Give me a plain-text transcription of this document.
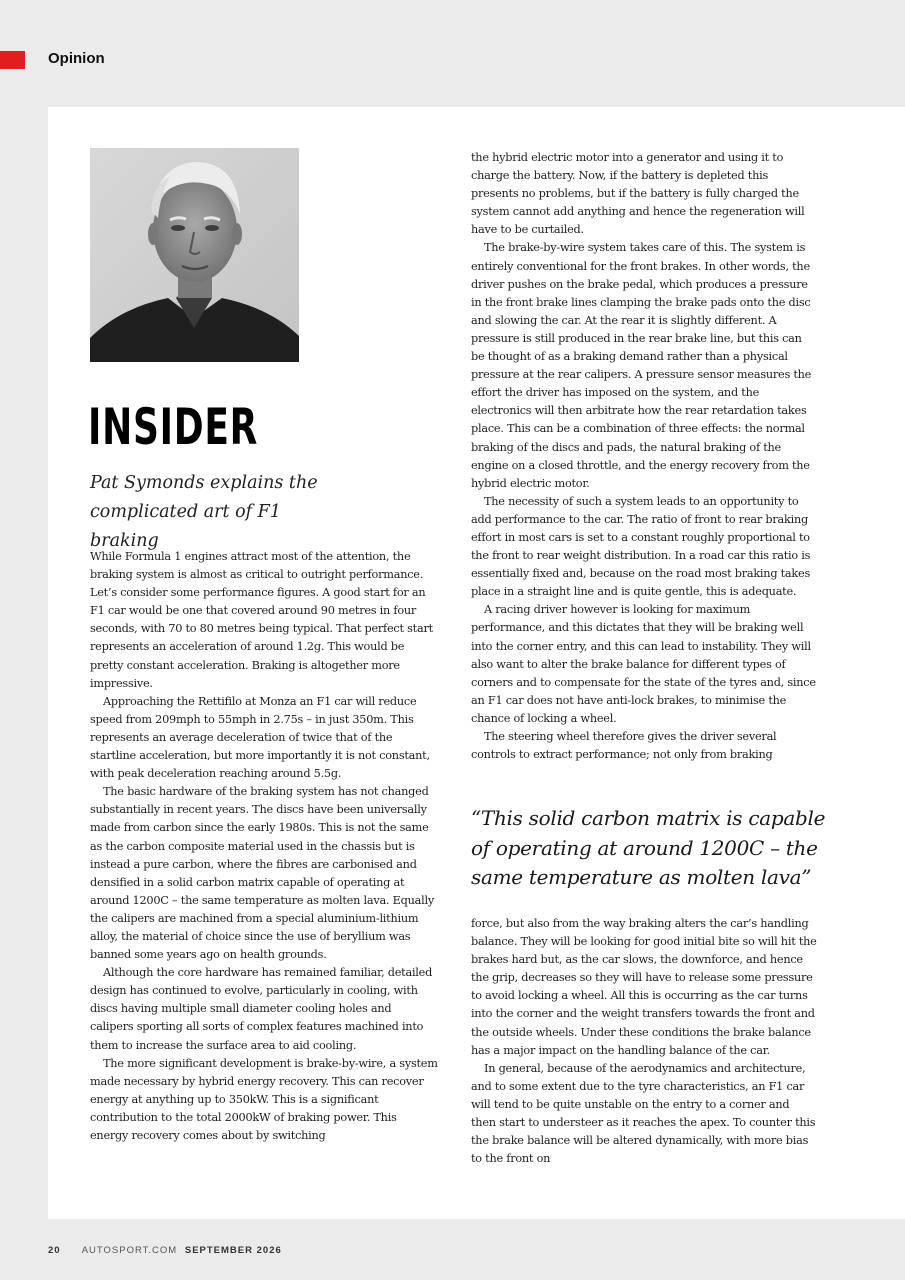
Opinion
INSIDER
Pat Symonds explains the complicated art of F1 braking

While Formula 1 engines attract most of the attention, the braking system is almost as critical to outright performance. Let’s consider some performance figures. A good start for an F1 car would be one that covered around 90 metres in four seconds, with 70 to 80 metres being typical. That perfect start represents an acceleration of around 1.2g. This would be pretty constant acceleration. Braking is altogether more impressive.

Approaching the Rettifilo at Monza an F1 car will reduce speed from 209mph to 55mph in 2.75s – in just 350m. This represents an average deceleration of twice that of the startline acceleration, but more importantly it is not constant, with peak deceleration reaching around 5.5g.

The basic hardware of the braking system has not changed substantially in recent years. The discs have been universally made from carbon since the early 1980s. This is not the same as the carbon composite material used in the chassis but is instead a pure carbon, where the fibres are carbonised and densified in a solid carbon matrix capable of operating at around 1200C – the same temperature as molten lava. Equally the calipers are machined from a special aluminium-lithium alloy, the material of choice since the use of beryllium was banned some years ago on health grounds.

Although the core hardware has remained familiar, detailed design has continued to evolve, particularly in cooling, with discs having multiple small diameter cooling holes and calipers sporting all sorts of complex features machined into them to increase the surface area to aid cooling.

The more significant development is brake-by-wire, a system made necessary by hybrid energy recovery. This can recover energy at anything up to 350kW. This is a significant contribution to the total 2000kW of braking power. This energy recovery comes about by switching

the hybrid electric motor into a generator and using it to charge the battery. Now, if the battery is depleted this presents no problems, but if the battery is fully charged the system cannot add anything and hence the regeneration will have to be curtailed.

The brake-by-wire system takes care of this. The system is entirely conventional for the front brakes. In other words, the driver pushes on the brake pedal, which produces a pressure in the front brake lines clamping the brake pads onto the disc and slowing the car. At the rear it is slightly different. A pressure is still produced in the rear brake line, but this can be thought of as a braking demand rather than a physical pressure at the rear calipers. A pressure sensor measures the effort the driver has imposed on the system, and the electronics will then arbitrate how the rear retardation takes place. This can be a combination of three effects: the normal braking of the discs and pads, the natural braking of the engine on a closed throttle, and the energy recovery from the hybrid electric motor.

The necessity of such a system leads to an opportunity to add performance to the car. The ratio of front to rear braking effort in most cars is set to a constant roughly proportional to the front to rear weight distribution. In a road car this ratio is essentially fixed and, because on the road most braking takes place in a straight line and is quite gentle, this is adequate.

A racing driver however is looking for maximum performance, and this dictates that they will be braking well into the corner entry, and this can lead to instability. They will also want to alter the brake balance for different types of corners and to compensate for the state of the tyres and, since an F1 car does not have anti-lock brakes, to minimise the chance of locking a wheel.

The steering wheel therefore gives the driver several controls to extract performance; not only from braking

“This solid carbon matrix is capable of operating at around 1200C – the same temperature as molten lava”

force, but also from the way braking alters the car’s handling balance. They will be looking for good initial bite so will hit the brakes hard but, as the car slows, the downforce, and hence the grip, decreases so they will have to release some pressure to avoid locking a wheel. All this is occurring as the car turns into the corner and the weight transfers towards the front and the outside wheels. Under these conditions the brake balance has a major impact on the handling balance of the car.

In general, because of the aerodynamics and architecture, and to some extent due to the tyre characteristics, an F1 car will tend to be quite unstable on the entry to a corner and then start to understeer as it reaches the apex. To counter this the brake balance will be altered dynamically, with more bias to the front on

20 AUTOSPORT.COM SEPTEMBER 2026
